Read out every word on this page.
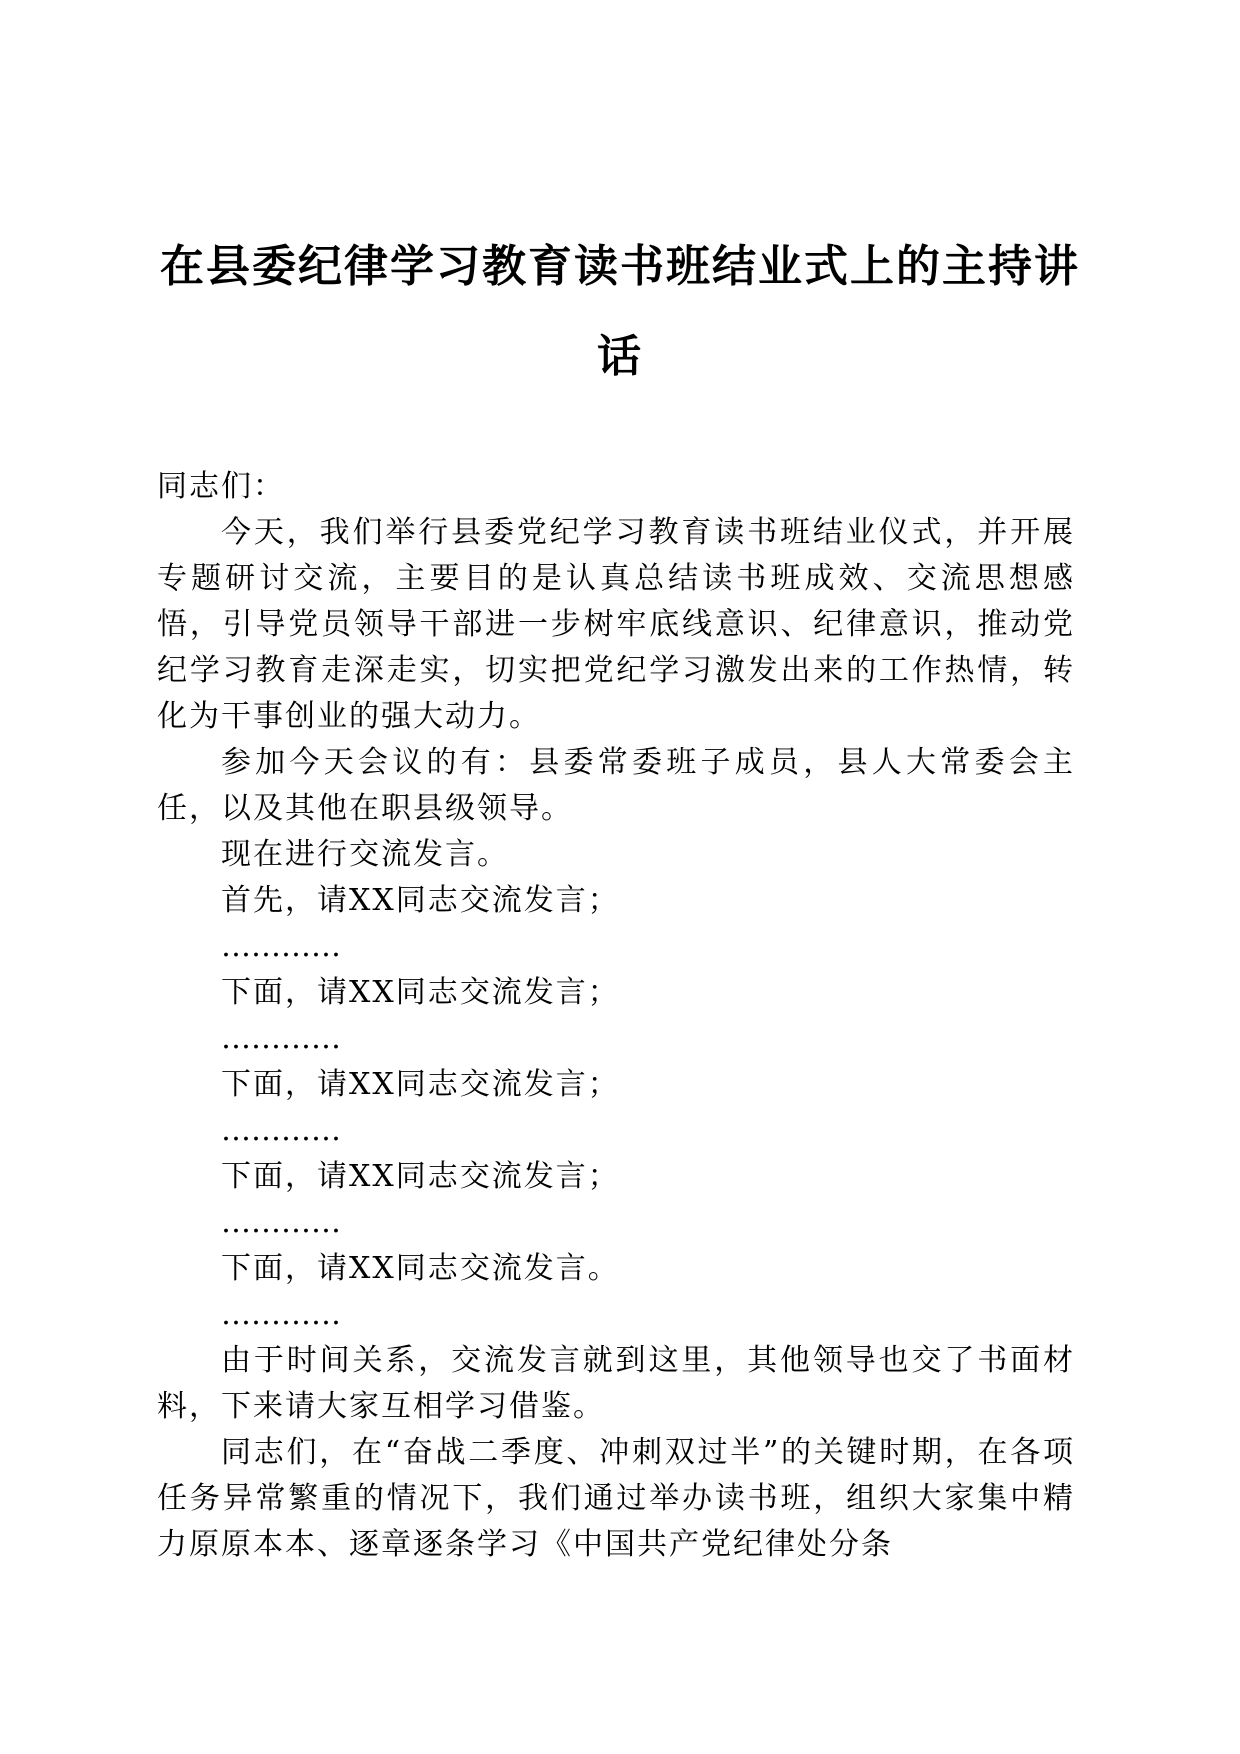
在县委纪律学习教育读书班结业式上的主持讲话

同志们：

今天，我们举行县委党纪学习教育读书班结业仪式，并开展专题研讨交流，主要目的是认真总结读书班成效、交流思想感悟，引导党员领导干部进一步树牢底线意识、纪律意识，推动党纪学习教育走深走实，切实把党纪学习激发出来的工作热情，转化为干事创业的强大动力。

参加今天会议的有：县委常委班子成员，县人大常委会主任，以及其他在职县级领导。

现在进行交流发言。

首先，请XX同志交流发言；

…………

下面，请XX同志交流发言；

…………

下面，请XX同志交流发言；

…………

下面，请XX同志交流发言；

…………

下面，请XX同志交流发言。

…………

由于时间关系，交流发言就到这里，其他领导也交了书面材料，下来请大家互相学习借鉴。

同志们，在“奋战二季度、冲刺双过半”的关键时期，在各项任务异常繁重的情况下，我们通过举办读书班，组织大家集中精力原原本本、逐章逐条学习《中国共产党纪律处分条
